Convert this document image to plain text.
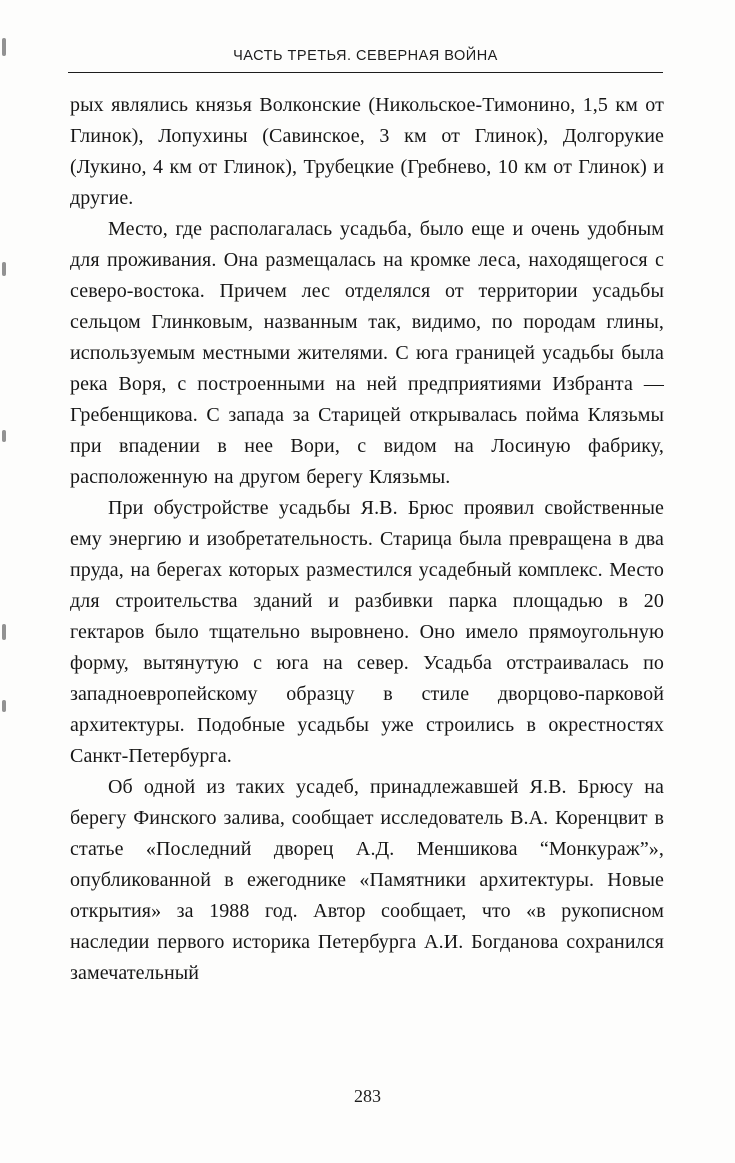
ЧАСТЬ ТРЕТЬЯ. СЕВЕРНАЯ ВОЙНА

рых являлись князья Волконские (Никольское-Тимонино, 1,5 км от Глинок), Лопухины (Савинское, 3 км от Глинок), Долгорукие (Лукино, 4 км от Глинок), Трубецкие (Гребнево, 10 км от Глинок) и другие.

Место, где располагалась усадьба, было еще и очень удобным для проживания. Она размещалась на кромке леса, находящегося с северо-востока. Причем лес отделялся от территории усадьбы сельцом Глинковым, названным так, видимо, по породам глины, используемым местными жителями. С юга границей усадьбы была река Воря, с построенными на ней предприятиями Избранта — Гребенщикова. С запада за Старицей открывалась пойма Клязьмы при впадении в нее Вори, с видом на Лосиную фабрику, расположенную на другом берегу Клязьмы.

При обустройстве усадьбы Я.В. Брюс проявил свойственные ему энергию и изобретательность. Старица была превращена в два пруда, на берегах которых разместился усадебный комплекс. Место для строительства зданий и разбивки парка площадью в 20 гектаров было тщательно выровнено. Оно имело прямоугольную форму, вытянутую с юга на север. Усадьба отстраивалась по западноевропейскому образцу в стиле дворцово-парковой архитектуры. Подобные усадьбы уже строились в окрестностях Санкт-Петербурга.

Об одной из таких усадеб, принадлежавшей Я.В. Брюсу на берегу Финского залива, сообщает исследователь В.А. Коренцвит в статье «Последний дворец А.Д. Меншикова “Монкураж”», опубликованной в ежегоднике «Памятники архитектуры. Новые открытия» за 1988 год. Автор сообщает, что «в рукописном наследии первого историка Петербурга А.И. Богданова сохранился замечательный

283
